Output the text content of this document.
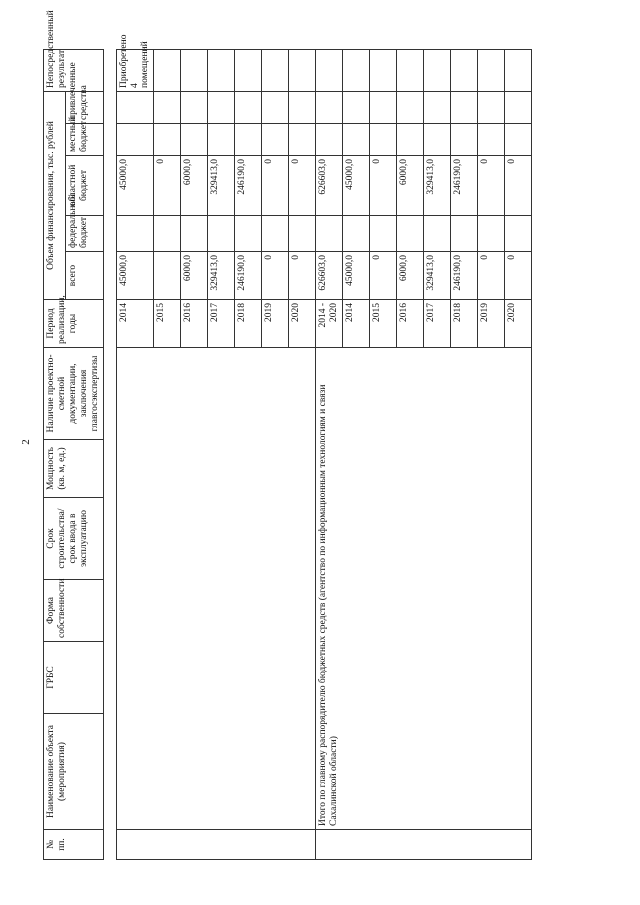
2
№ пп.	Наименование объекта (мероприятия)	ГРБС	Форма собственности	Срок строительства/срок ввода в эксплуатацию	Мощность (кв. м, ед.)	Наличие проектно-сметной документации, заключения главгосэкспертизы	Период реализации, годы	Объем финансирования, тыс. рублей					Непосредственный результат
								всего	федеральный бюджет	областной бюджет	местный бюджет	привлеченные средства	

							2014	45000,0		45000,0			Приобретено 4 помещений
							2015			0			
							2016	6000,0		6000,0			
							2017	329413,0		329413,0			
							2018	246190,0		246190,0			
							2019	0		0			
							2020	0		0			
	Итого по главному распорядителю бюджетных средств (агентство по информационным технологиям и связи Сахалинской области)						2014 - 2020	626603,0		626603,0			
							2014	45000,0		45000,0			
							2015	0		0			
							2016	6000,0		6000,0			
							2017	329413,0		329413,0			
							2018	246190,0		246190,0			
							2019	0		0			
							2020	0		0			
